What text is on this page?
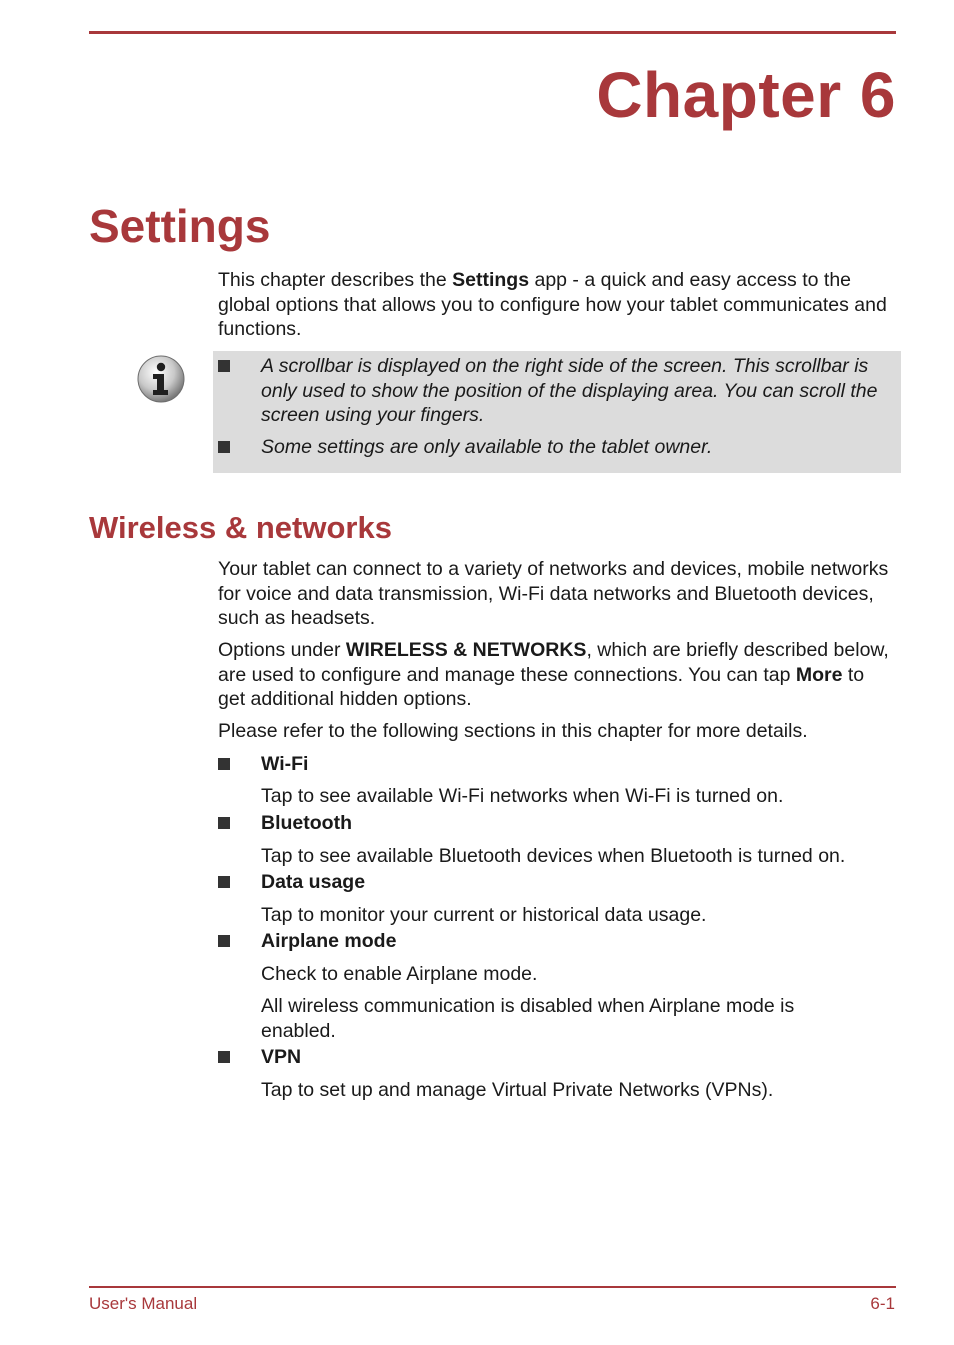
Chapter 6
Settings
This chapter describes the Settings app - a quick and easy access to the global options that allows you to configure how your tablet communicates and functions.
A scrollbar is displayed on the right side of the screen. This scrollbar is only used to show the position of the displaying area. You can scroll the screen using your fingers.
Some settings are only available to the tablet owner.
Wireless & networks
Your tablet can connect to a variety of networks and devices, mobile networks for voice and data transmission, Wi-Fi data networks and Bluetooth devices, such as headsets.
Options under WIRELESS & NETWORKS, which are briefly described below, are used to configure and manage these connections. You can tap More to get additional hidden options.
Please refer to the following sections in this chapter for more details.
Wi-Fi
Tap to see available Wi-Fi networks when Wi-Fi is turned on.
Bluetooth
Tap to see available Bluetooth devices when Bluetooth is turned on.
Data usage
Tap to monitor your current or historical data usage.
Airplane mode
Check to enable Airplane mode.
All wireless communication is disabled when Airplane mode is enabled.
VPN
Tap to set up and manage Virtual Private Networks (VPNs).
User's Manual	6-1
